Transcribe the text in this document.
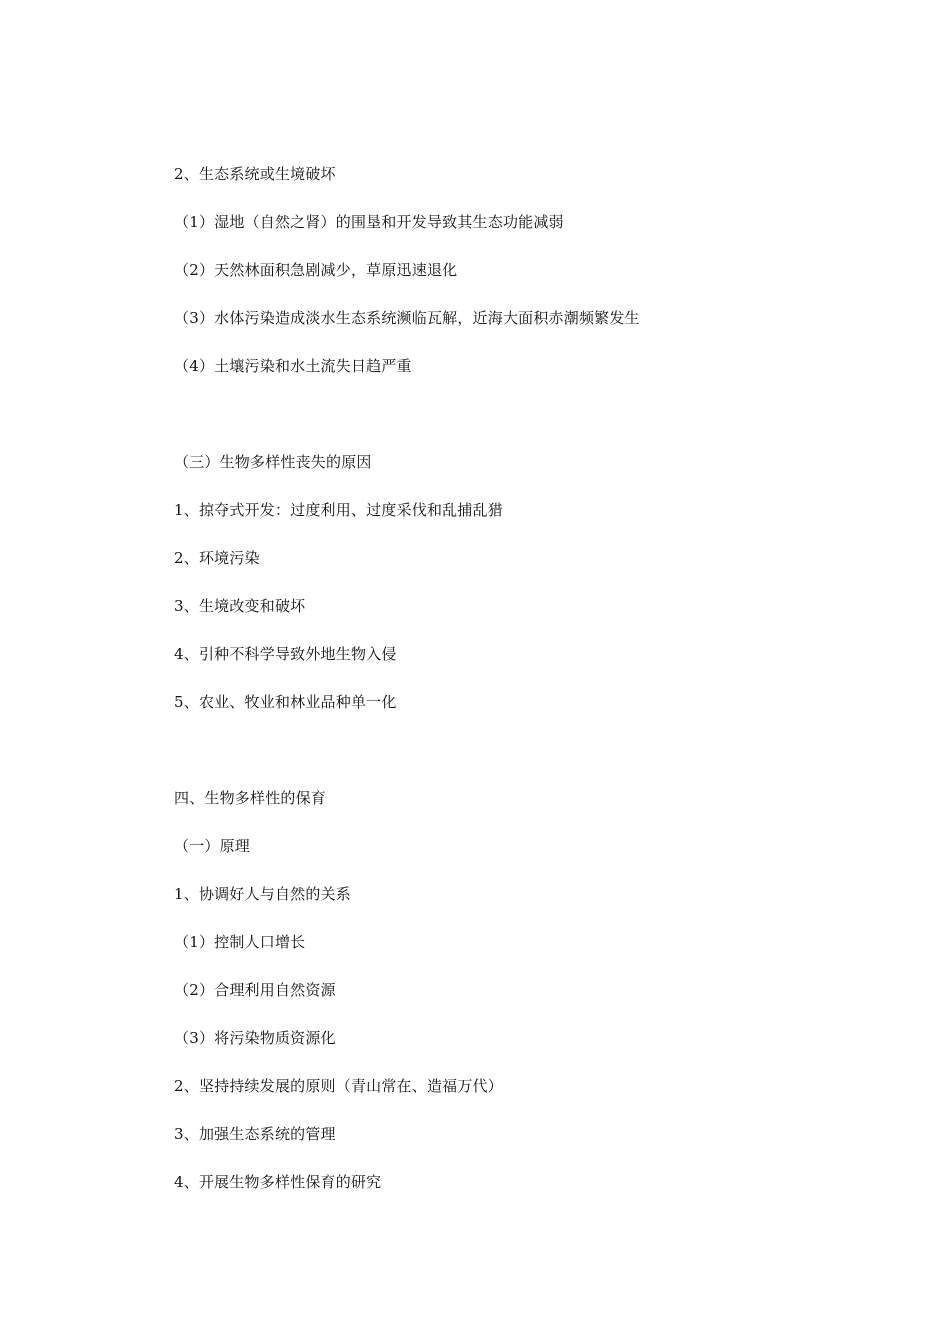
2、生态系统或生境破坏
（1）湿地（自然之肾）的围垦和开发导致其生态功能减弱
（2）天然林面积急剧减少，草原迅速退化
（3）水体污染造成淡水生态系统濒临瓦解，近海大面积赤潮频繁发生
（4）土壤污染和水土流失日趋严重
（三）生物多样性丧失的原因
1、掠夺式开发：过度利用、过度采伐和乱捕乱猎
2、环境污染
3、生境改变和破坏
4、引种不科学导致外地生物入侵
5、农业、牧业和林业品种单一化
四、生物多样性的保育
（一）原理
1、协调好人与自然的关系
（1）控制人口增长
（2）合理利用自然资源
（3）将污染物质资源化
2、坚持持续发展的原则（青山常在、造福万代）
3、加强生态系统的管理
4、开展生物多样性保育的研究
